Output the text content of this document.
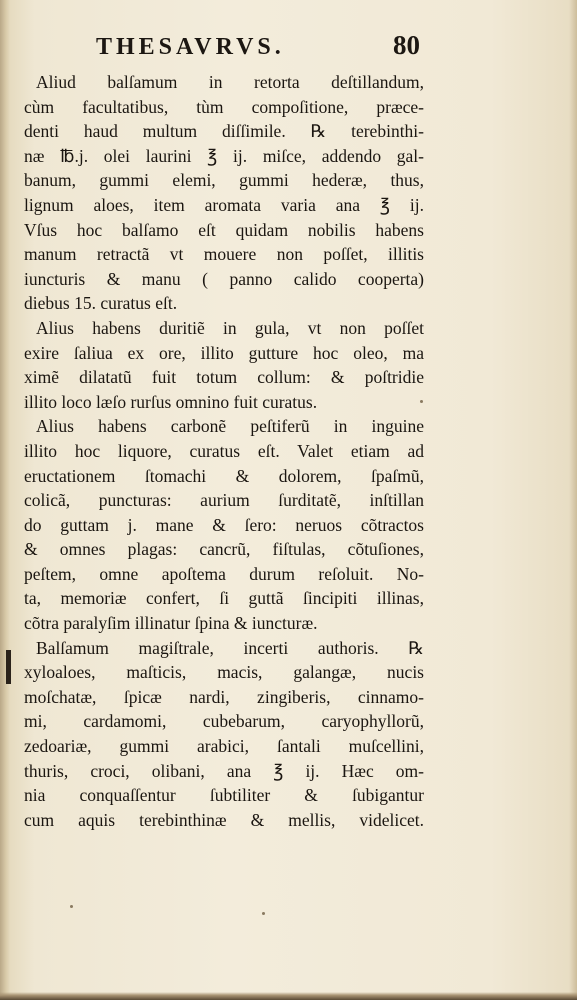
THESAVRVS.	80
Aliud balſamum in retorta deſtillandum,
cùm facultatibus, tùm compoſitione, præce-
denti haud multum diſſimile. ℞ terebinthi-
næ ℔.j. olei laurini ℥ ij. miſce, addendo gal-
banum, gummi elemi, gummi hederæ, thus,
lignum aloes, item aromata varia ana ℥ ij.
Vſus hoc balſamo eſt quidam nobilis habens
manum retractã vt mouere non poſſet, illitis
iuncturis & manu ( panno calido cooperta)
diebus 15. curatus eſt.
Alius habens duritiẽ in gula, vt non poſſet
exire ſaliua ex ore, illito gutture hoc oleo, ma
ximẽ dilatatũ fuit totum collum: & poſtridie
illito loco læſo rurſus omnino fuit curatus.
Alius habens carbonẽ peſtiferũ in inguine
illito hoc liquore, curatus eſt. Valet etiam ad
eructationem ſtomachi & dolorem, ſpaſmũ,
colicã, puncturas: aurium ſurditatẽ, inſtillan
do guttam j. mane & ſero: neruos cõtractos
& omnes plagas: cancrũ, fiſtulas, cõtuſiones,
peſtem, omne apoſtema durum reſoluit. No-
ta, memoriæ confert, ſi guttã ſincipiti illinas,
cõtra paralyſim illinatur ſpina & iuncturæ.
Balſamum magiſtrale, incerti authoris. ℞
xyloaloes, maſticis, macis, galangæ, nucis
moſchatæ, ſpicæ nardi, zingiberis, cinnamo-
mi, cardamomi, cubebarum, caryophyllorũ,
zedoariæ, gummi arabici, ſantali muſcellini,
thuris, croci, olibani, ana ℥ ij. Hæc om-
nia conquaſſentur ſubtiliter & ſubigantur
cum aquis terebinthinæ & mellis, videlicet.
